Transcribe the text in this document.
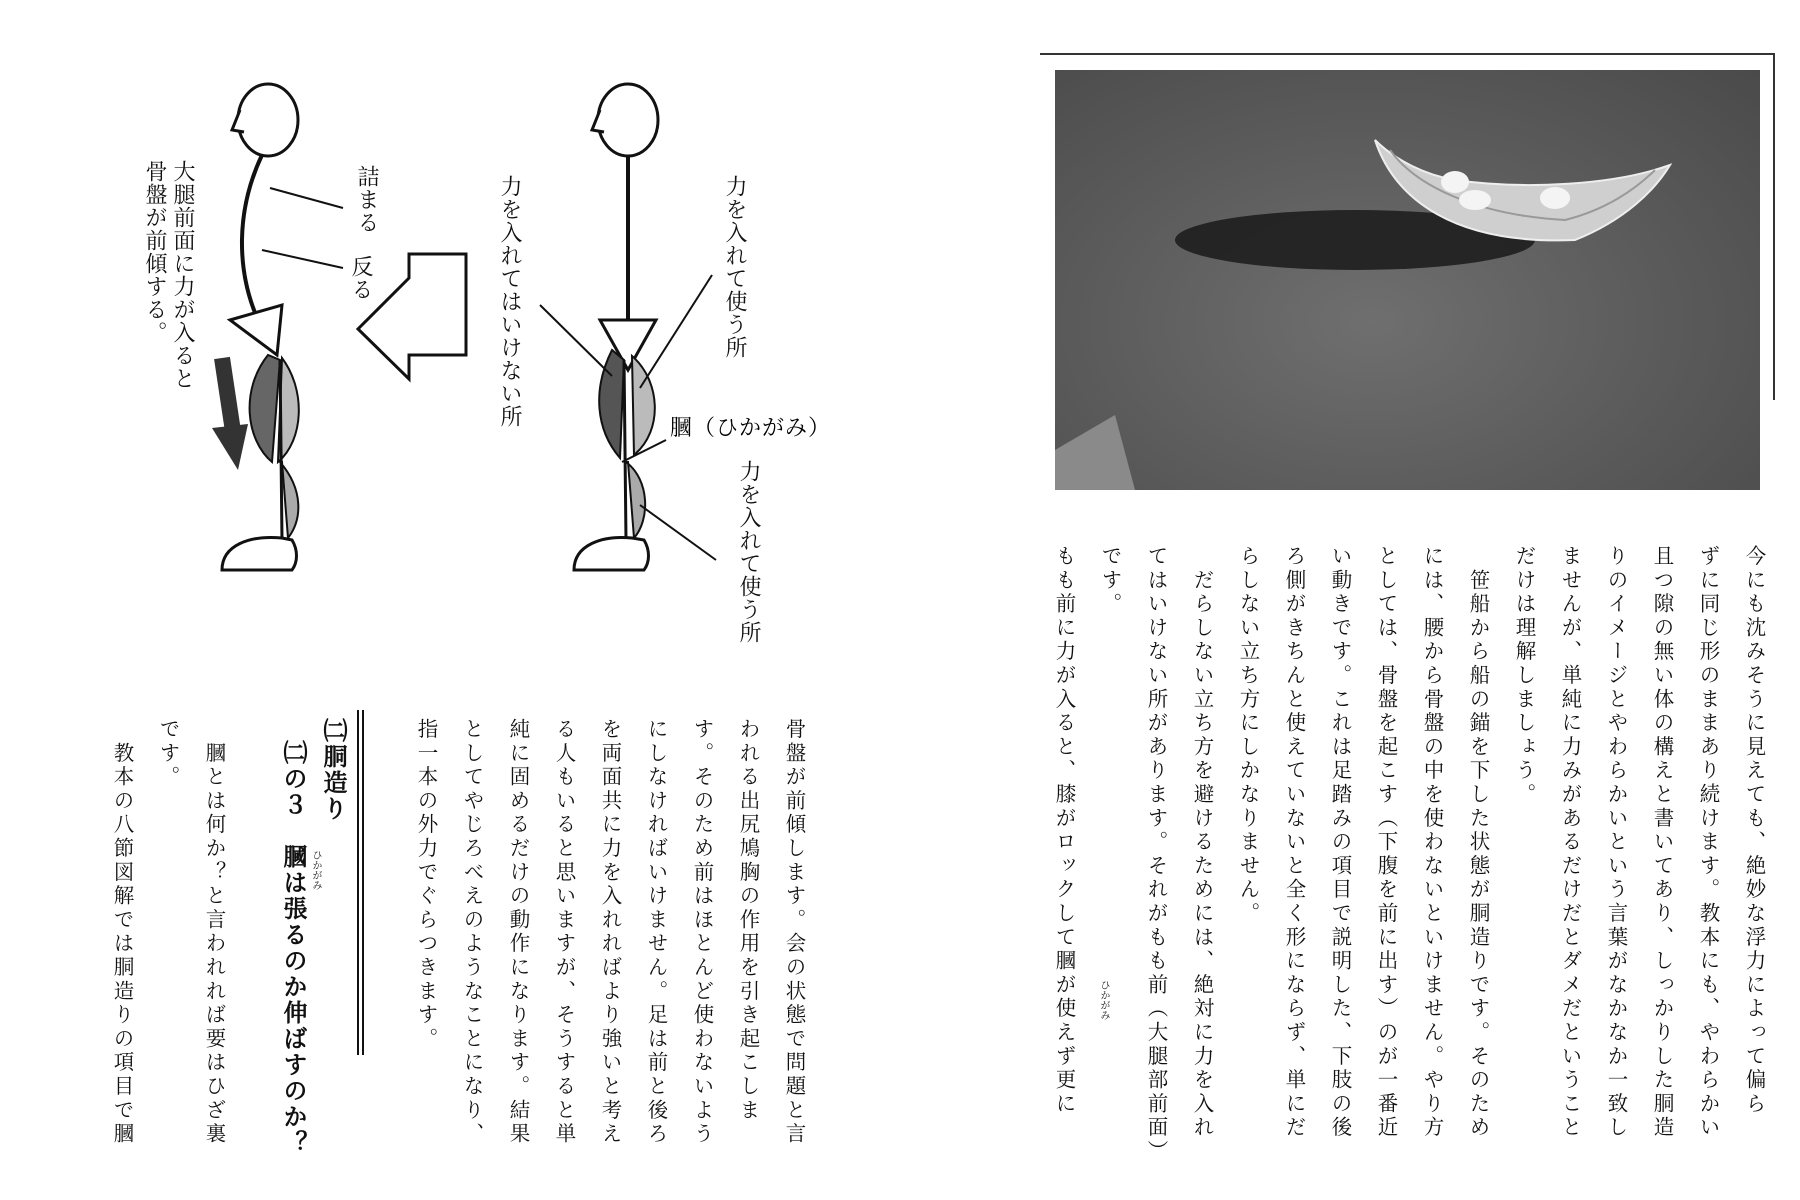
大腿前面に力が入ると
骨盤が前傾する。	詰まる
反る	力を入れてはいけない所	力を入れて使う所
膕（ひかがみ）
力を入れて使う所	今にも沈みそうに見えても、絶妙な浮力によって偏ら
ずに同じ形のままあり続けます。教本にも、やわらかい
且つ隙の無い体の構えと書いてあり、しっかりした胴造
りのイメージとやわらかいという言葉がなかなか一致し
ませんが、単純に力みがあるだけだとダメだということ
だけは理解しましょう。
　笹船から船の錨を下した状態が胴造りです。そのため
には、腰から骨盤の中を使わないといけません。やり方
としては、骨盤を起こす（下腹を前に出す）のが一番近
い動きです。これは足踏みの項目で説明した、下肢の後
ろ側がきちんと使えていないと全く形にならず、単にだ
らしない立ち方にしかなりません。
　だらしない立ち方を避けるためには、絶対に力を入れ
てはいけない所があります。それがもも前（大腿部前面）
です。
もも前に力が入ると、膝がロックして膕が使えず更に
骨盤が前傾します。会の状態で問題と言
われる出尻鳩胸の作用を引き起こしま
す。そのため前はほとんど使わないよう
にしなければいけません。足は前と後ろ
を両面共に力を入れればより強いと考え
る人もいると思いますが、そうすると単
純に固めるだけの動作になります。結果
としてやじろべえのようなことになり、
指一本の外力でぐらつきます。
㈡胴造り
㈡の３　膕は張るのか伸ばすのか？ ひかがみ
　膕とは何か？と言われれば要はひざ裏
です。
　教本の八節図解では胴造りの項目で膕	ひかがみ
